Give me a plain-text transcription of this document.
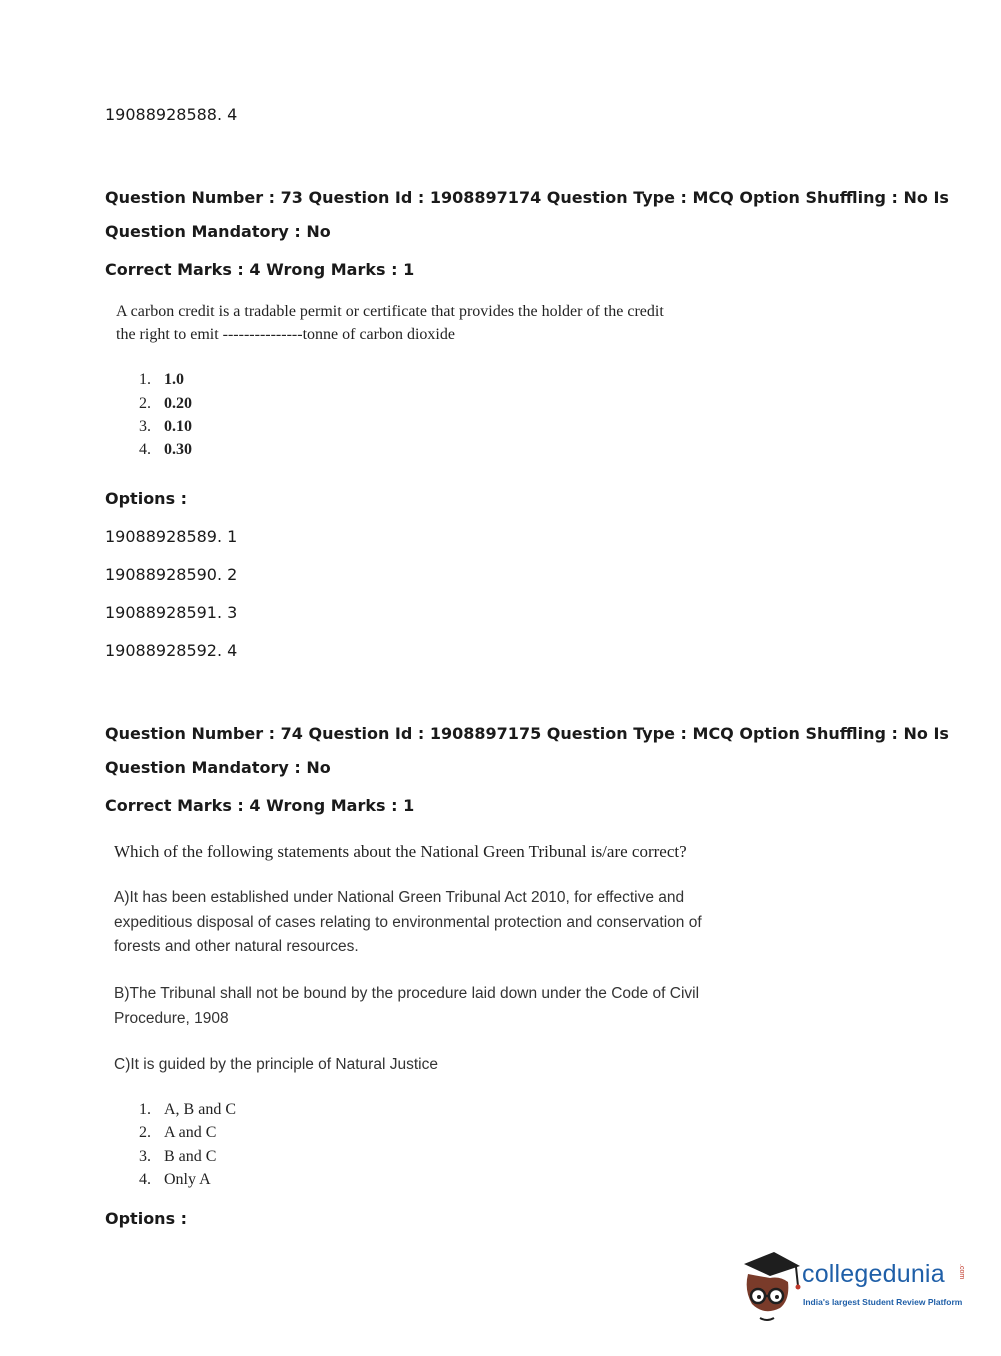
19088928588. 4
Question Number : 73 Question Id : 1908897174 Question Type : MCQ Option Shuffling : No Is
Question Mandatory : No
Correct Marks : 4 Wrong Marks : 1
A carbon credit is a tradable permit or certificate that provides the holder of the credit
the right to emit ---------------tonne of carbon dioxide
1. 1.0
2. 0.20
3. 0.10
4. 0.30
Options :
19088928589. 1
19088928590. 2
19088928591. 3
19088928592. 4
Question Number : 74 Question Id : 1908897175 Question Type : MCQ Option Shuffling : No Is
Question Mandatory : No
Correct Marks : 4 Wrong Marks : 1
Which of the following statements about the National Green Tribunal is/are correct?
A)It has been established under National Green Tribunal Act 2010, for effective and
expeditious disposal of cases relating to environmental protection and conservation of
forests and other natural resources.
B)The Tribunal shall not be bound by the procedure laid down under the Code of Civil
Procedure, 1908
C)It is guided by the principle of Natural Justice
1. A, B and C
2. A and C
3. B and C
4. Only A
Options :
collegedunia .com
India's largest Student Review Platform
